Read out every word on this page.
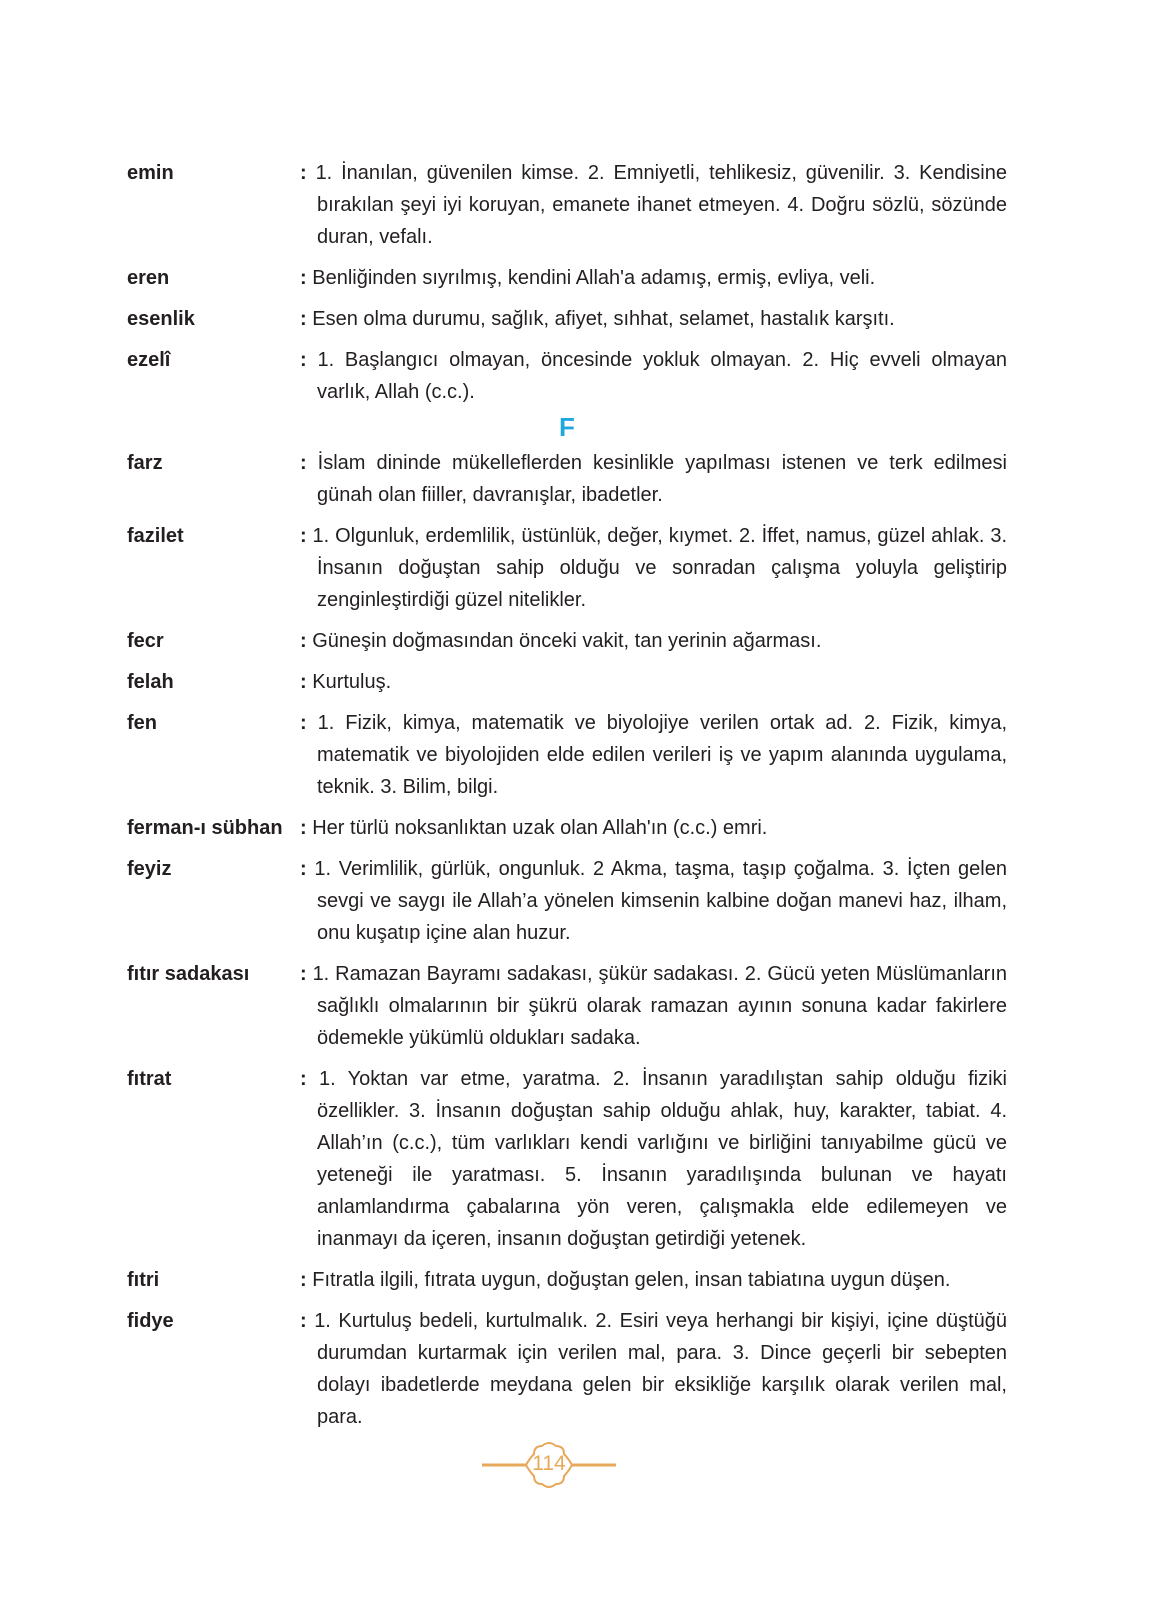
emin	: 1. İnanılan, güvenilen kimse. 2. Emniyetli, tehlikesiz, güvenilir. 3. Kendisine bırakılan şeyi iyi koruyan, emanete ihanet etmeyen. 4. Doğru sözlü, sözünde duran, vefalı.
eren	: Benliğinden sıyrılmış, kendini Allah'a adamış, ermiş, evliya, veli.
esenlik	: Esen olma durumu, sağlık, afiyet, sıhhat, selamet, hastalık karşıtı.
ezelî	: 1. Başlangıcı olmayan, öncesinde yokluk olmayan. 2. Hiç evveli olmayan varlık, Allah (c.c.).
F
farz	: İslam dininde mükelleflerden kesinlikle yapılması istenen ve terk edilmesi günah olan fiiller, davranışlar, ibadetler.
fazilet	: 1. Olgunluk, erdemlilik, üstünlük, değer, kıymet. 2. İffet, namus, güzel ahlak. 3. İnsanın doğuştan sahip olduğu ve sonradan çalışma yoluyla geliştirip zenginleştirdiği güzel nitelikler.
fecr	: Güneşin doğmasından önceki vakit, tan yerinin ağarması.
felah	: Kurtuluş.
fen	: 1. Fizik, kimya, matematik ve biyolojiye verilen ortak ad. 2. Fizik, kimya, matematik ve biyolojiden elde edilen verileri iş ve yapım alanında uygulama, teknik. 3. Bilim, bilgi.
ferman-ı sübhan : Her türlü noksanlıktan uzak olan Allah'ın (c.c.) emri.
feyiz	: 1. Verimlilik, gürlük, ongunluk. 2 Akma, taşma, taşıp çoğalma. 3. İçten gelen sevgi ve saygı ile Allah’a yönelen kimsenin kalbine doğan manevi haz, ilham, onu kuşatıp içine alan huzur.
fıtır sadakası	: 1. Ramazan Bayramı sadakası, şükür sadakası. 2. Gücü yeten Müslümanların sağlıklı olmalarının bir şükrü olarak ramazan ayının sonuna kadar fakirlere ödemekle yükümlü oldukları sadaka.
fıtrat	: 1. Yoktan var etme, yaratma. 2. İnsanın yaradılıştan sahip olduğu fiziki özellikler. 3. İnsanın doğuştan sahip olduğu ahlak, huy, karakter, tabiat. 4. Allah’ın (c.c.), tüm varlıkları kendi varlığını ve birliğini tanıyabilme gücü ve yeteneği ile yaratması. 5. İnsanın yaradılışında bulunan ve hayatı anlamlandırma çabalarına yön veren, çalışmakla elde edilemeyen ve inanmayı da içeren, insanın doğuştan getirdiği yetenek.
fıtri	: Fıtratla ilgili, fıtrata uygun, doğuştan gelen, insan tabiatına uygun düşen.
fidye	: 1. Kurtuluş bedeli, kurtulmalık. 2. Esiri veya herhangi bir kişiyi, içine düştüğü durumdan kurtarmak için verilen mal, para. 3. Dince geçerli bir sebepten dolayı ibadetlerde meydana gelen bir eksikliğe karşılık olarak verilen mal, para.
114
